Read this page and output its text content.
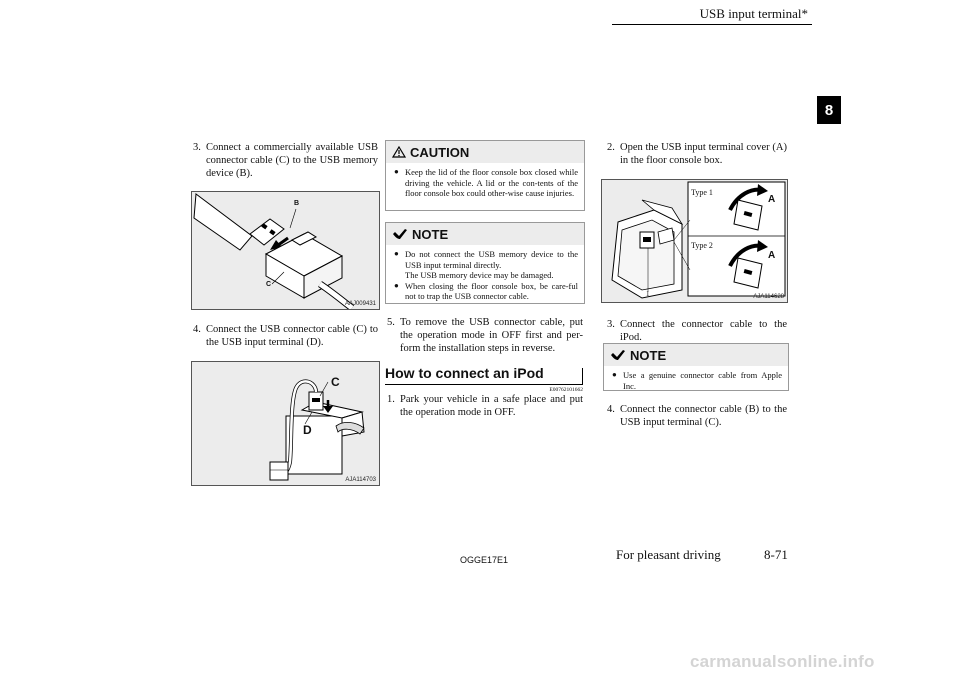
USB input terminal*
8
3. Connect a commercially available USB connector cable (C) to the USB memory device (B).
B
C
AAJ009431
4. Connect the USB connector cable (C) to the USB input terminal (D).
C
D
AJA114703
CAUTION
● Keep the lid of the floor console box closed while driving the vehicle. A lid or the con-tents of the floor console box could other-wise cause injuries.
NOTE
● Do not connect the USB memory device to the USB input terminal directly.
The USB memory device may be damaged.
● When closing the floor console box, be care-ful not to trap the USB connector cable.
5. To remove the USB connector cable, put the operation mode in OFF first and per-form the installation steps in reverse.
How to connect an iPod
E00762101662
1. Park your vehicle in a safe place and put the operation mode in OFF.
2. Open the USB input terminal cover (A) in the floor console box.
Type 1
Type 2
A
A
1	AJA114628
3. Connect the connector cable to the iPod.
NOTE
● Use a genuine connector cable from Apple Inc.
4. Connect the connector cable (B) to the USB input terminal (C).
OGGE17E1	For pleasant driving	8-71
carmanualsonline.info
